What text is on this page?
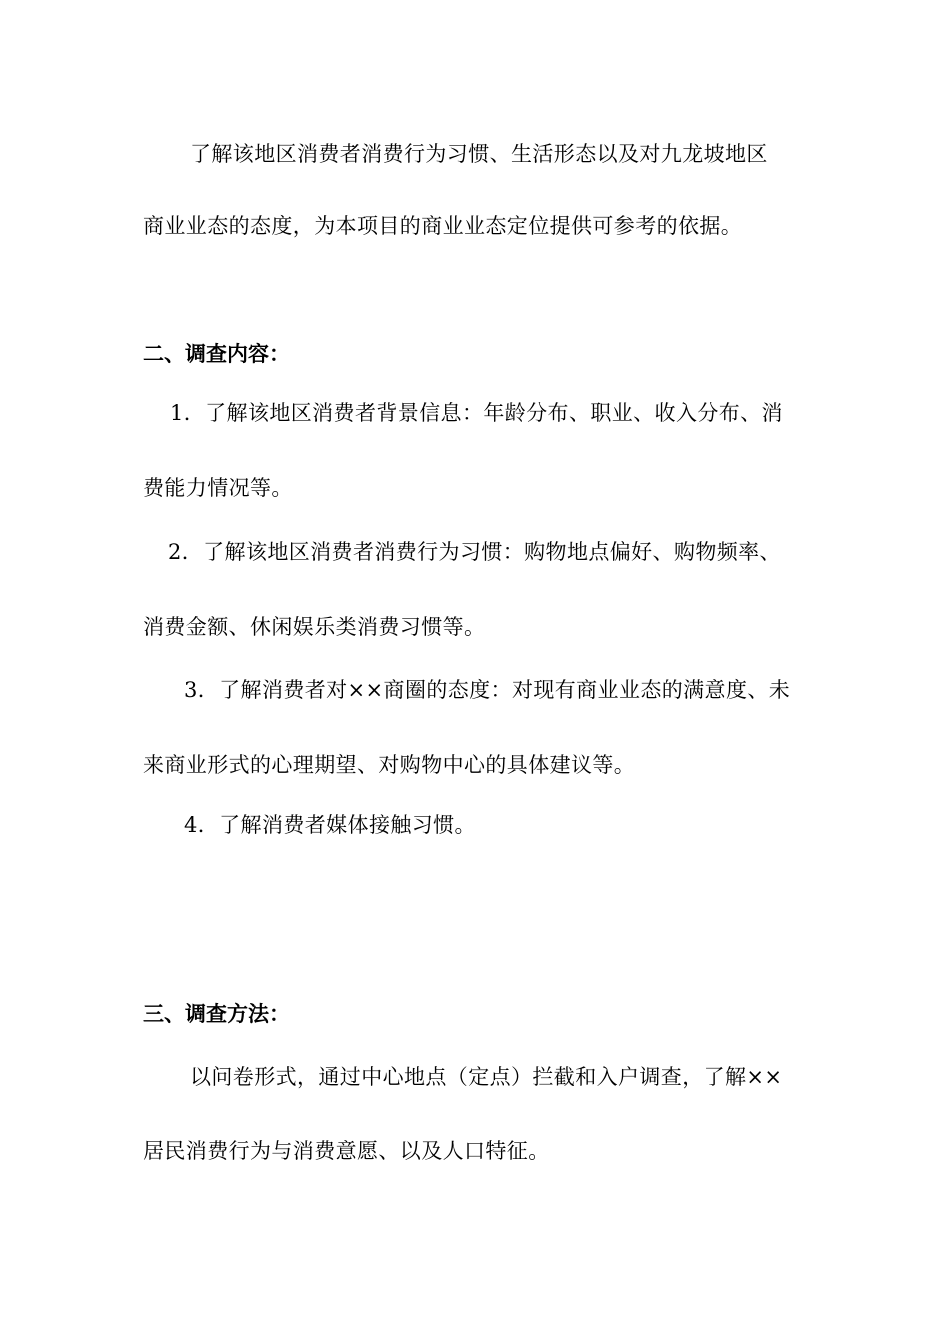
了解该地区消费者消费行为习惯、生活形态以及对九龙坡地区
商业业态的态度，为本项目的商业业态定位提供可参考的依据。
二、调查内容：
1．了解该地区消费者背景信息：年龄分布、职业、收入分布、消
费能力情况等。
2．了解该地区消费者消费行为习惯：购物地点偏好、购物频率、
消费金额、休闲娱乐类消费习惯等。
3．了解消费者对××商圈的态度：对现有商业业态的满意度、未
来商业形式的心理期望、对购物中心的具体建议等。
4．了解消费者媒体接触习惯。
三、调查方法：
以问卷形式，通过中心地点（定点）拦截和入户调查，了解××
居民消费行为与消费意愿、以及人口特征。
